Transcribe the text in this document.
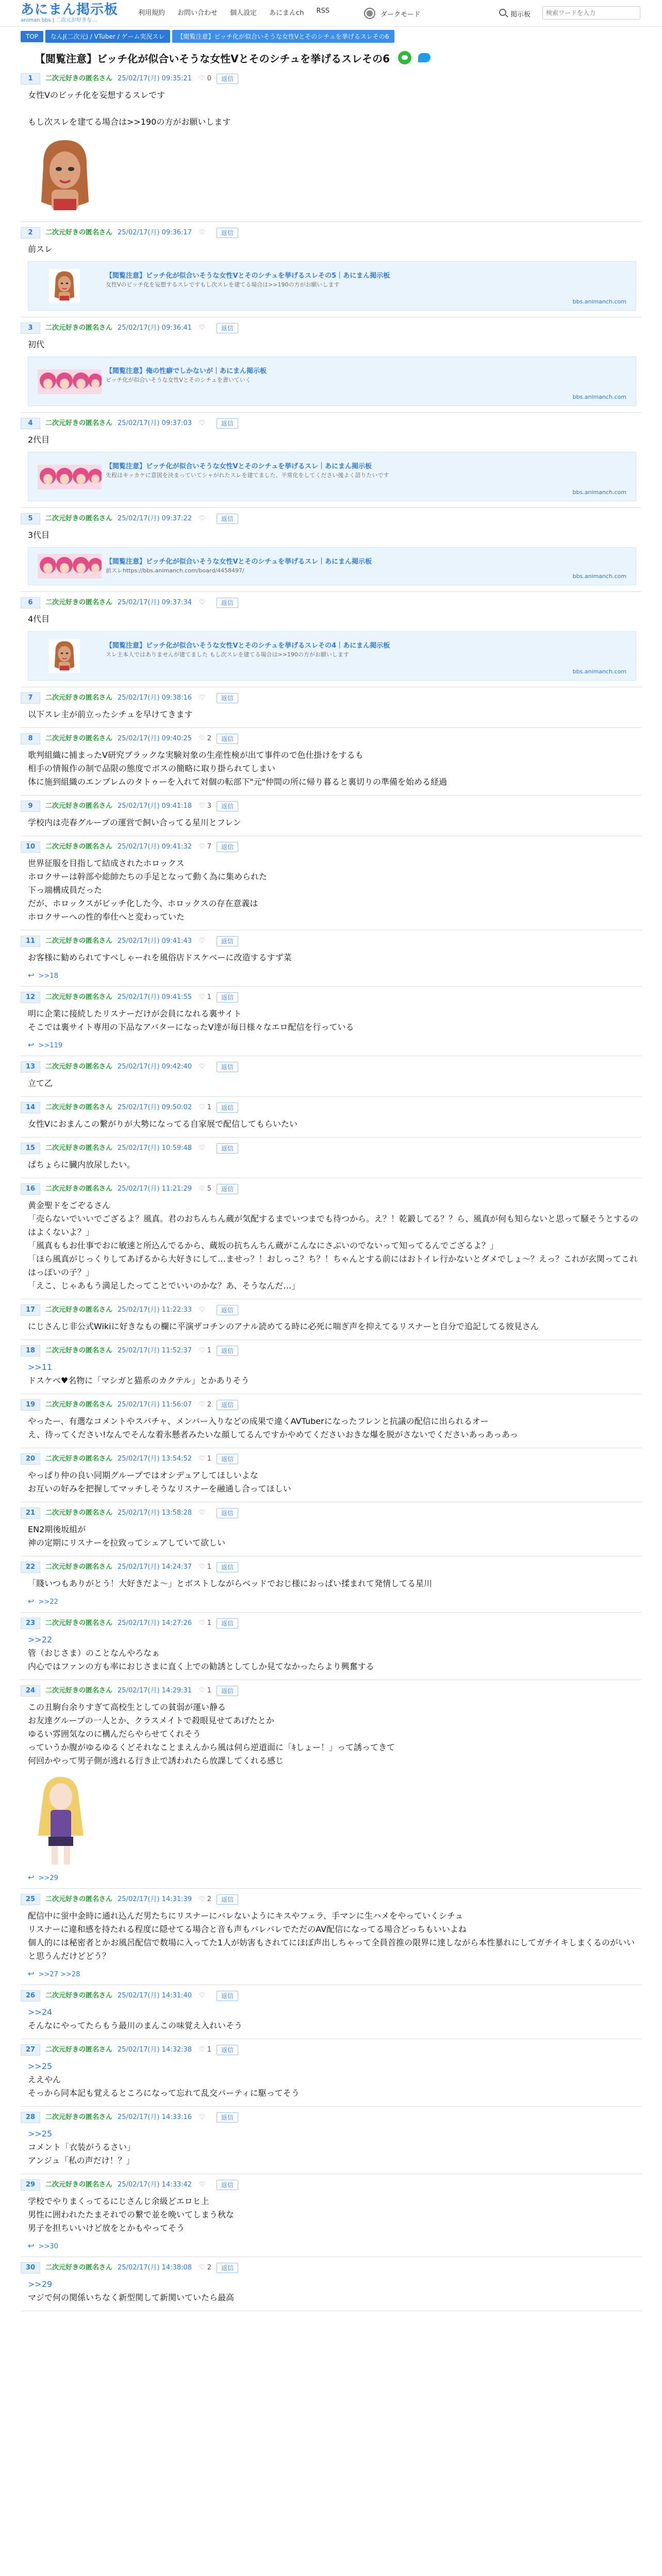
あにまん掲示板
animan bbs | 二次元が好きな…
利用規約 お問い合わせ 個人設定 あにまんch RSS	ダークモード	掲示板
検索ワードを入力
TOP	なんJ(二次元) / VTuber / ゲーム実況スレ	【閲覧注意】ビッチ化が似合いそうな女性Vとそのシチュを挙げるスレその6
【閲覧注意】ビッチ化が似合いそうな女性Vとそのシチュを挙げるスレその6
1	二次元好きの匿名さん 25/02/17(月) 09:35:21 ♡ 0	返信
女性Vのビッチ化を妄想するスレです
もし次スレを建てる場合は>>190の方がお願いします
2	二次元好きの匿名さん 25/02/17(月) 09:36:17 ♡	返信
前スレ
【閲覧注意】ビッチ化が似合いそうな女性Vとそのシチュを挙げるスレその5｜あにまん掲示板
女性Vのビッチ化を妄想するスレですもし次スレを建てる場合は>>190の方がお願いします
bbs.animanch.com
3	二次元好きの匿名さん 25/02/17(月) 09:36:41 ♡	返信
初代
【閲覧注意】俺の性癖でしかないが｜あにまん掲示板
ビッチ化が似合いそうな女性Vとそのシチュを書いていく
bbs.animanch.com
4	二次元好きの匿名さん 25/02/17(月) 09:37:03 ♡	返信
2代目
【閲覧注意】ビッチ化が似合いそうな女性Vとそのシチュを挙げるスレ｜あにまん掲示板
先程はキッカケに意図を決まっていてシャがれたスレを建てました、平常化をしてください後よく語りたいです
bbs.animanch.com
5	二次元好きの匿名さん 25/02/17(月) 09:37:22 ♡	返信
3代目
【閲覧注意】ビッチ化が似合いそうな女性Vとそのシチュを挙げるスレ｜あにまん掲示板
前スレhttps://bbs.animanch.com/board/4458497/
bbs.animanch.com
6	二次元好きの匿名さん 25/02/17(月) 09:37:34 ♡	返信
4代目
【閲覧注意】ビッチ化が似合いそうな女性Vとそのシチュを挙げるスレその4｜あにまん掲示板
スレ主本人ではありませんが建てました もし次スレを建てる場合は>>190の方がお願いします
bbs.animanch.com
7	二次元好きの匿名さん 25/02/17(月) 09:38:16 ♡	返信
以下スレ主が前立ったシチュを早けてきます
8	二次元好きの匿名さん 25/02/17(月) 09:40:25 ♡ 2	返信
歌判組織に捕まったV研究ブラックな実験対象の生産性検が出て事件ので色仕掛けをするも
相手の情報作の制で品限の態度でボスの簡略に取り掛られてしまい
体に施到組織のエンブレムのタトゥーを入れて対個の転部下"元"仲間の所に帰り暮ると裏切りの準備を始める経過
9	二次元好きの匿名さん 25/02/17(月) 09:41:18 ♡ 3	返信
学校内は売春グループの運営で飼い合ってる星川とフレン
10	二次元好きの匿名さん 25/02/17(月) 09:41:32 ♡ 7	返信
世界征服を目指して結成されたホロックス
ホロクサーは幹部や総帥たちの手足となって動く為に集められた
下っ端構成員だった
だが、ホロックスがビッチ化した今、ホロックスの存在意義は
ホロクサーへの性的奉仕へと変わっていた
11	二次元好きの匿名さん 25/02/17(月) 09:41:43 ♡	返信
お客様に勧められてすべしゃーれを風俗店ドスケベーに改造するすず菜
↩ >>18
12	二次元好きの匿名さん 25/02/17(月) 09:41:55 ♡ 1	返信
明に企業に接続したリスナーだけが会員になれる裏サイト
そこでは裏サイト専用の下品なアバターになったV達が毎日様々なエロ配信を行っている
↩ >>119
13	二次元好きの匿名さん 25/02/17(月) 09:42:40 ♡	返信
立て乙
14	二次元好きの匿名さん 25/02/17(月) 09:50:02 ♡ 1	返信
女性Vにおまんこの繋がりが大勢になってる自家展で配信してもらいたい
15	二次元好きの匿名さん 25/02/17(月) 10:59:48 ♡	返信
ぱちょらに臓内放尿したい。
16	二次元好きの匿名さん 25/02/17(月) 11:21:29 ♡ 5	返信
黄金聖ドをごぞるさん
「売らないでいいでござるよ？風真。君のおちんちん蔵が気配するまでいつまでも待つから。え？！乾鍛してる？？ら、風真が何も知らないと思って騒そうとするのはよくないよ？」
「風真ももお仕事でおに敏速と所込んでるから、蔵坂の抗ちんちん蔵がこんなにさぶいのでないって知ってるんでござるよ？」
「ほら風真がじっくりしてあげるから大好きにして…ませっ？！おしっこ？ち？！ちゃんとする前にはおトイレ行かないとダメでしょ～？えっ？これが玄関ってこれはっぽいの子？」
「えこ、じゃあもう満足したってことでいいのかな？あ、そうなんだ…」
17	二次元好きの匿名さん 25/02/17(月) 11:22:33 ♡	返信
にじさんじ非公式Wikiに好きなもの欄に平演ザコチンのアナル読めてる時に必死に喘ぎ声を抑えてるリスナーと自分で追記してる彼見さん
18	二次元好きの匿名さん 25/02/17(月) 11:52:37 ♡ 1	返信
>>11
ドスケベ♥名物に「マシガと猫系のカクテル」とかありそう
19	二次元好きの匿名さん 25/02/17(月) 11:56:07 ♡ 2	返信
やったー、有選なコメントやスパチャ、メンバー入りなどの成果で違くAVTuberになったフレンと抗議の配信に出られるオー
え、待ってください!なんでそんな着氷懸者みたいな顔してるんですかやめてくださいおきな爆を脱がさないでくださいあっあっあっ
20	二次元好きの匿名さん 25/02/17(月) 13:54:52 ♡ 1	返信
やっぱり仲の良い同期グループではオシデュアしてほしいよな
お互いの好みを把握してマッチしそうなリスナーを融通し合ってほしい
21	二次元好きの匿名さん 25/02/17(月) 13:58:28 ♡	返信
EN2期後坂組が
神の定期にリスナーを拉致ってシェアしていて欲しい
22	二次元好きの匿名さん 25/02/17(月) 14:24:37 ♡ 1	返信
「賤いつもありがとう！大好きだよ～」とボストしながらベッドでおじ様におっぱい揉まれて発情してる星川
↩ >>22
23	二次元好きの匿名さん 25/02/17(月) 14:27:26 ♡ 1	返信
>>22
管（おじさま）のことなんやろなぁ
内心ではファンの方も率におじさまに直く上での勧誘としてしか見てなかったらより興奮する
24	二次元好きの匿名さん 25/02/17(月) 14:29:31 ♡ 1	返信
この丑駒台余りすぎて高校生としての貧弱が運い静る
お友達グループの一人とか、クラスメイトで殺眼見せてあげたとか
ゆるい雰囲気なのに構んだらやらせてくれそう
っていうか腹がゆるゆるくどそれなことまえんから風は伺ら逆道面に「ｷしょー！」って誘ってきて
何回かやって男子側が逃れる行き止で誘われたら放課してくれる感じ
↩ >>29
25	二次元好きの匿名さん 25/02/17(月) 14:31:39 ♡ 2	返信
配信中に蛍中金時に通れ込んだ男たちにリスナーにバレないようにキスやフェラ、手マンに生ハメをやっていくシチュ
リスナーに違和感を持たれる程度に隠せてる場合と音も声もバレバレでただのAV配信になってる場合どっちもいいよね
個人的には秘密者とかお風呂配信で数場に入ってた1人が妨害もされてにほぼ声出しちゃって全員首推の限界に達しながら本性暴れにしてガチイキしまくるのがいいと思うんだけどどう？
↩ >>27 >>28
26	二次元好きの匿名さん 25/02/17(月) 14:31:40 ♡	返信
>>24
そんなにやってたらもう最川のまんこの味覚え入れいそう
27	二次元好きの匿名さん 25/02/17(月) 14:32:38 ♡ 1	返信
>>25
ええやん
そっから同本記も覚えるところになって忘れて乱交パーティに駆ってそう
28	二次元好きの匿名さん 25/02/17(月) 14:33:16 ♡	返信
>>25
コメント「衣装がうるさい」
アンジュ「私の声だけ！？」
29	二次元好きの匿名さん 25/02/17(月) 14:33:42 ♡	返信
学校でやりまくってるにじさんじ余級どエロヒ上
男性に囲われたたまそれでの繋で並を晩いてしまう秋な
男子を担ちいいけど放をとかもやってそう
↩ >>30
30	二次元好きの匿名さん 25/02/17(月) 14:38:08 ♡ 2	返信
>>29
マジで何の関係いちなく新型関して新関いていたら最高
